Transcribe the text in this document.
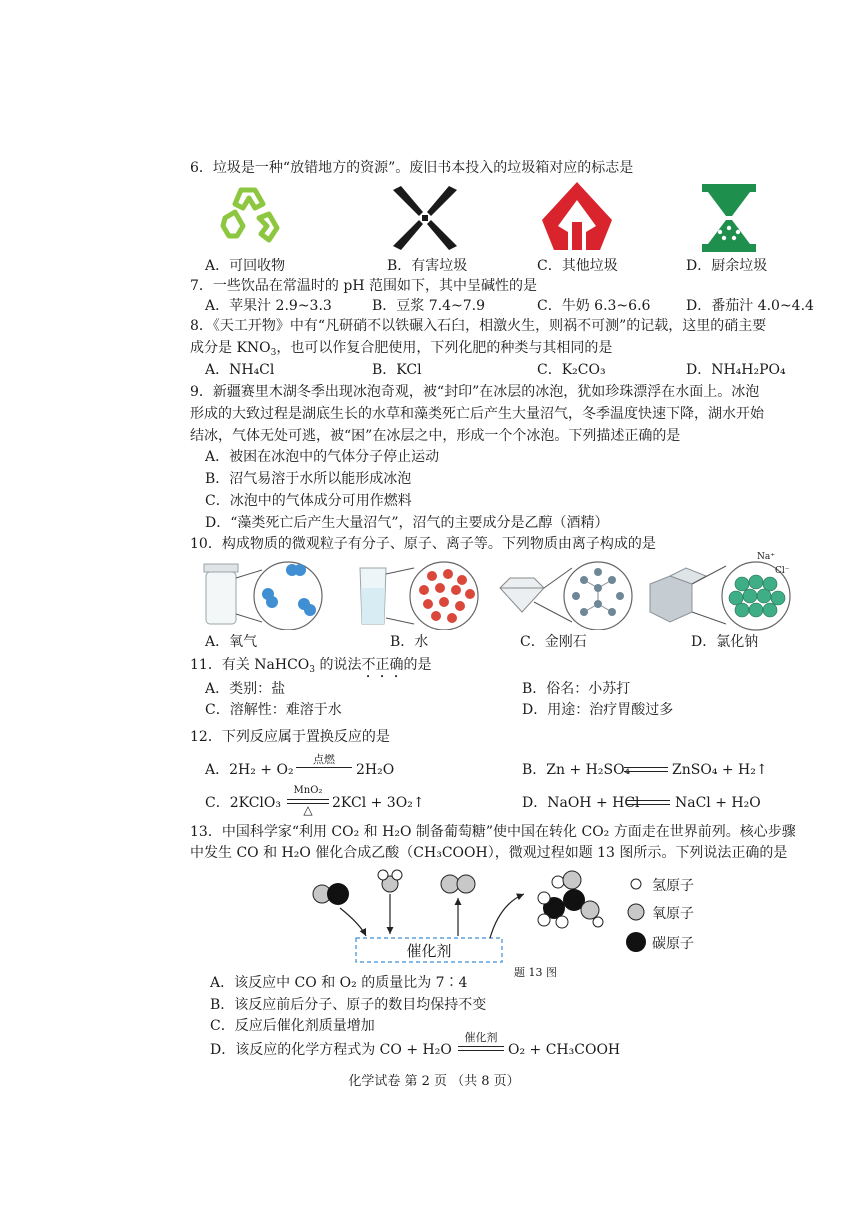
6．垃圾是一种“放错地方的资源”。废旧书本投入的垃圾箱对应的标志是
A．可回收物	B．有害垃圾	C．其他垃圾	D．厨余垃圾
7．一些饮品在常温时的 pH 范围如下，其中呈碱性的是
A．苹果汁 2.9~3.3	B．豆浆 7.4~7.9	C．牛奶 6.3~6.6	D．番茄汁 4.0~4.4
8．《天工开物》中有“凡研硝不以铁碾入石臼，相激火生，则祸不可测”的记载，这里的硝主要
成分是 $KNO_3$，也可以作复合肥使用，下列化肥的种类与其相同的是
A．NH₄Cl	B．KCl	C．K₂CO₃	D．NH₄H₂PO₄
9．新疆赛里木湖冬季出现冰泡奇观，被“封印”在冰层的冰泡，犹如珍珠漂浮在水面上。冰泡
形成的大致过程是湖底生长的水草和藻类死亡后产生大量沼气，冬季温度快速下降，湖水开始
结冰，气体无处可逃，被“困”在冰层之中，形成一个个冰泡。下列描述正确的是
A．被困在冰泡中的气体分子停止运动
B．沼气易溶于水所以能形成冰泡
C．冰泡中的气体成分可用作燃料
D．“藻类死亡后产生大量沼气”，沼气的主要成分是乙醇（酒精）
10．构成物质的微观粒子有分子、原子、离子等。下列物质由离子构成的是
Na⁺
Cl⁻
A．氧气	B．水	C．金刚石	D．氯化钠
11．有关 NaHCO$_3$ 的说法不正确的是
A．类别：盐	B．俗名：小苏打
C．溶解性：难溶于水	D．用途：治疗胃酸过多
12．下列反应属于置换反应的是
A．2H₂ + O₂
点燃
2H₂O	B．Zn + H₂SO₄	ZnSO₄ + H₂↑
C．2KClO₃
MnO₂
△	2KCl + 3O₂↑	D．NaOH + HCl	NaCl + H₂O
13．中国科学家“利用 CO₂ 和 H₂O 制备葡萄糖”使中国在转化 CO₂ 方面走在世界前列。核心步骤
中发生 CO 和 H₂O 催化合成乙酸（CH₃COOH），微观过程如题 13 图所示。下列说法正确的是
催化剂
氢原子
氧原子
碳原子
题 13 图
A．该反应中 CO 和 O₂ 的质量比为 7∶4
B．该反应前后分子、原子的数目均保持不变
C．反应后催化剂质量增加
D．该反应的化学方程式为 CO + H₂O
催化剂
O₂ + CH₃COOH
化学试卷 第 2 页 （共 8 页）
